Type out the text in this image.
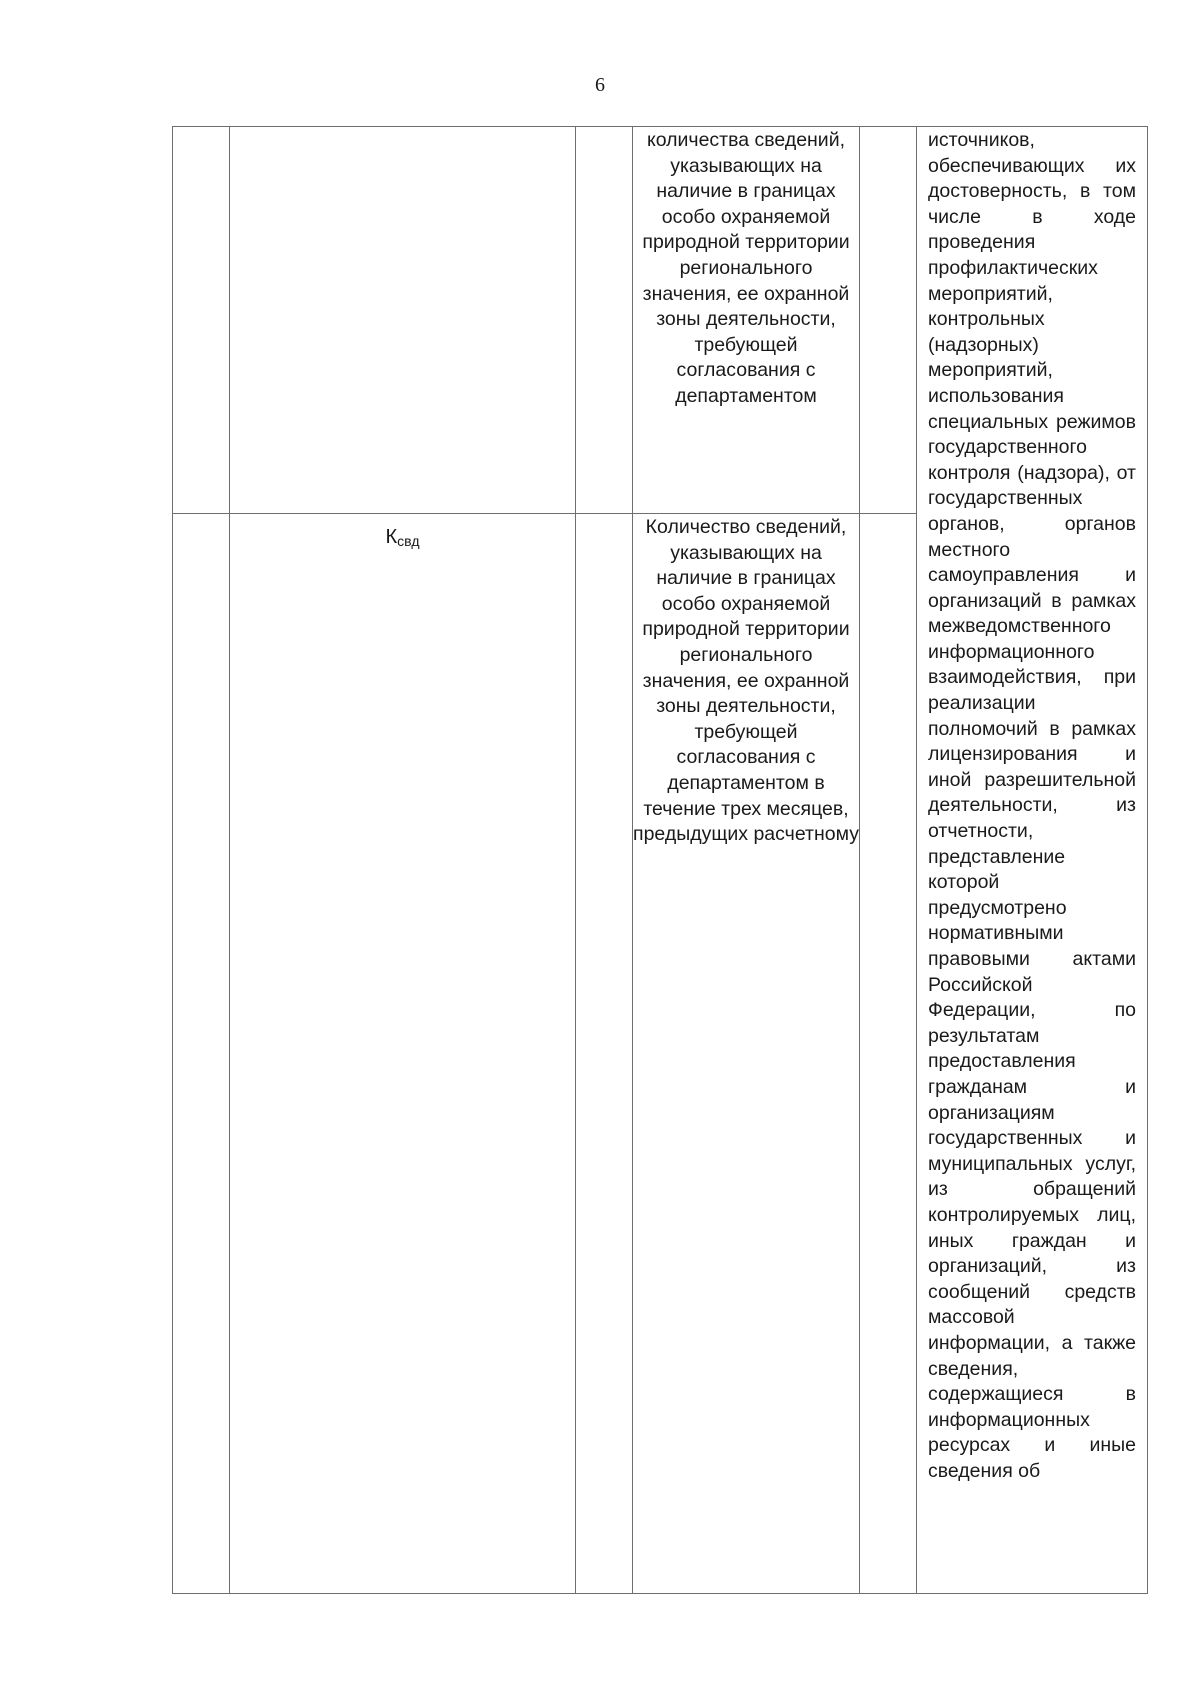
6
			количества сведений, указывающих на наличие в границах особо охраняемой природной территории регионального значения, ее охранной зоны деятельности, требующей согласования с департаментом		источников, обеспечивающих их достоверность, в том числе в ходе проведения профилактических мероприятий, контрольных (надзорных) мероприятий, использования специальных режимов государственного контроля (надзора), от государственных органов, органов местного самоуправления и организаций в рамках межведомственного информационного взаимодействия, при реализации полномочий в рамках лицензирования и иной разрешительной деятельности, из отчетности, представление которой предусмотрено нормативными правовыми актами Российской Федерации, по результатам предоставления гражданам и организациям государственных и муниципальных услуг, из обращений контролируемых лиц, иных граждан и организаций, из сообщений средств массовой информации, а также сведения, содержащиеся в информационных ресурсах и иные сведения об
	$К_{свд}$		Количество сведений, указывающих на наличие в границах особо охраняемой природной территории регионального значения, ее охранной зоны деятельности, требующей согласования с департаментом в течение трех месяцев, предыдущих расчетному		
